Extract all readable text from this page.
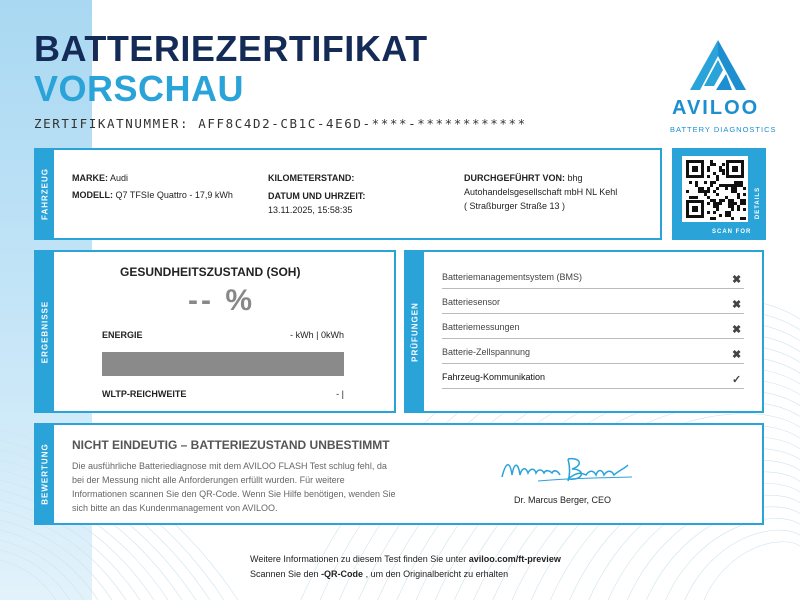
BATTERIEZERTIFIKAT
VORSCHAU
ZERTIFIKATNUMMER: AFF8C4D2-CB1C-4E6D-****-************
AVILOO
BATTERY DIAGNOSTICS
FAHRZEUG	MARKE: Audi
MODELL: Q7 TFSIe Quattro - 17,9 kWh
KILOMETERSTAND:
DATUM UND UHRZEIT:
13.11.2025, 15:58:35
DURCHGEFÜHRT VON: bhg
Autohandelsgesellschaft mbH NL Kehl
( Straßburger Straße 13 )	DETAILS
SCAN FOR
ERGEBNISSE
GESUNDHEITSZUSTAND (SOH)
-- %
ENERGIE	- kWh | 0kWh
WLTP-REICHWEITE	- |
PRÜFUNGEN
Batteriemanagementsystem (BMS)	✖
Batteriesensor	✖
Batteriemessungen	✖
Batterie-Zellspannung	✖
Fahrzeug-Kommunikation	✓
BEWERTUNG NICHT EINDEUTIG – BATTERIEZUSTAND UNBESTIMMT
Die ausführliche Batteriediagnose mit dem AVILOO FLASH Test schlug fehl, da
bei der Messung nicht alle Anforderungen erfüllt wurden. Für weitere
Informationen scannen Sie den QR-Code. Wenn Sie Hilfe benötigen, wenden Sie
sich bitte an das Kundenmanagement von AVILOO.
Dr. Marcus Berger, CEO
Weitere Informationen zu diesem Test finden Sie unter aviloo.com/ft-preview
Scannen Sie den -QR-Code , um den Originalbericht zu erhalten
